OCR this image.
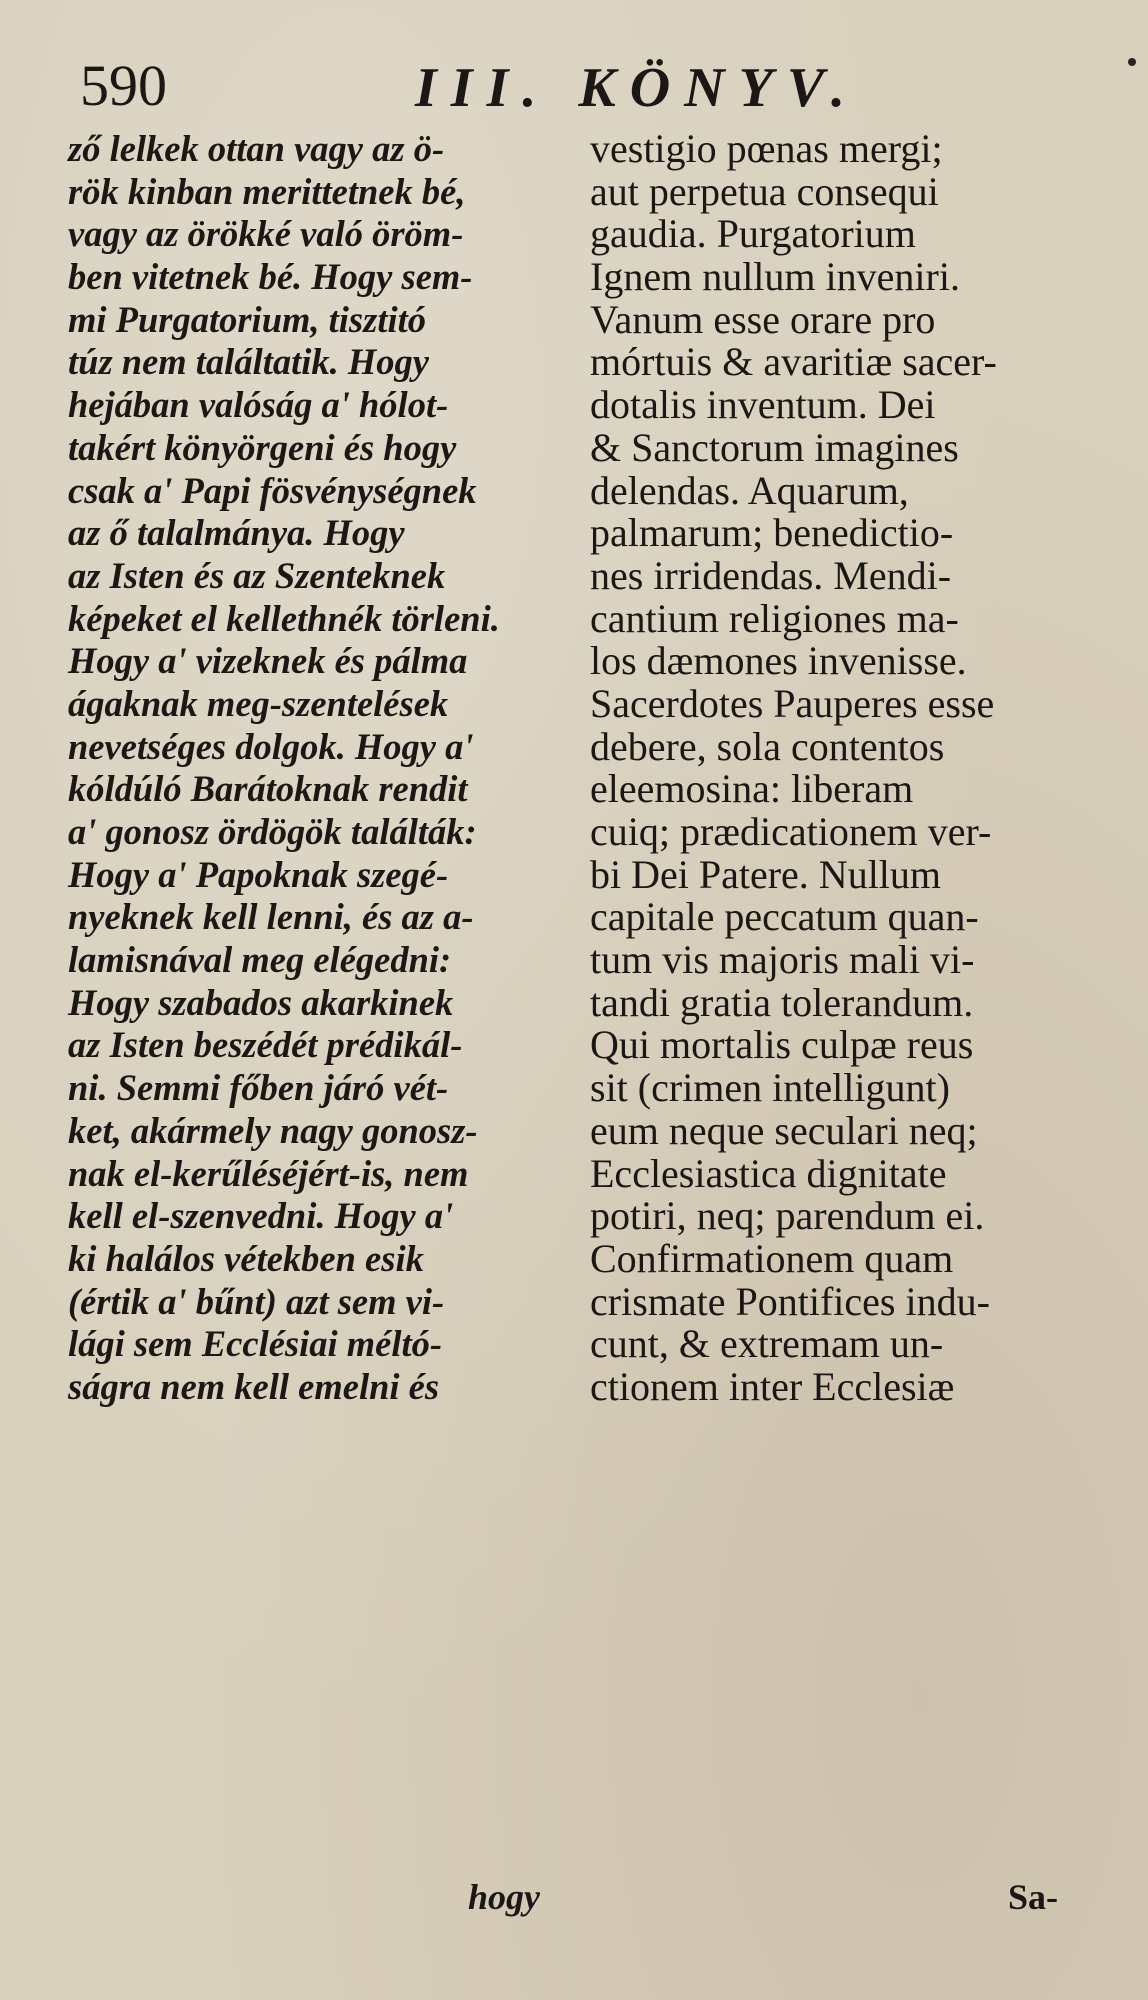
590	III. KÖNYV.
ző lelkek ottan vagy az ö-
rök kinban merittetnek bé,
vagy az örökké való öröm-
ben vitetnek bé. Hogy sem-
mi Purgatorium, tisztitó
túz nem találtatik. Hogy
hejában valóság a' hólot-
takért könyörgeni és hogy
csak a' Papi fösvénységnek
az ő talalmánya. Hogy
az Isten és az Szenteknek
képeket el kellethnék törleni.
Hogy a' vizeknek és pálma
ágaknak meg-szentelések
nevetséges dolgok. Hogy a'
kóldúló Barátoknak rendit
a' gonosz ördögök találták:
Hogy a' Papoknak szegé-
nyeknek kell lenni, és az a-
lamisnával meg elégedni:
Hogy szabados akarkinek
az Isten beszédét prédikál-
ni. Semmi főben járó vét-
ket, akármely nagy gonosz-
nak el-kerűléséjért-is, nem
kell el-szenvedni. Hogy a'
ki halálos vétekben esik
(értik a' bűnt) azt sem vi-
lági sem Ecclésiai méltó-
ságra nem kell emelni és
vestigio pœnas mergi;
aut perpetua consequi
gaudia. Purgatorium
Ignem nullum inveniri.
Vanum esse orare pro
mórtuis & avaritiæ sacer-
dotalis inventum. Dei
& Sanctorum imagines
delendas. Aquarum,
palmarum; benedictio-
nes irridendas. Mendi-
cantium religiones ma-
los dæmones invenisse.
Sacerdotes Pauperes esse
debere, sola contentos
eleemosina: liberam
cuiq; prædicationem ver-
bi Dei Patere. Nullum
capitale peccatum quan-
tum vis majoris mali vi-
tandi gratia tolerandum.
Qui mortalis culpæ reus
sit (crimen intelligunt)
eum neque seculari neq;
Ecclesiastica dignitate
potiri, neq; parendum ei.
Confirmationem quam
crismate Pontifices indu-
cunt, & extremam un-
ctionem inter Ecclesiæ
hogy	Sa-
